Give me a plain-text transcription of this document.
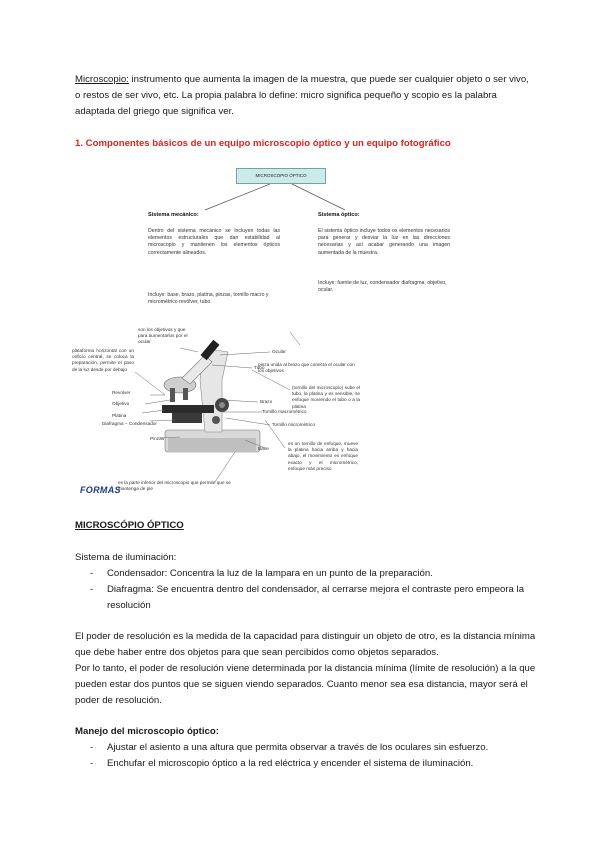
Microscopio: instrumento que aumenta la imagen de la muestra, que puede ser cualquier objeto o ser vivo, o restos de ser vivo, etc. La propia palabra lo define: micro significa pequeño y scopio es la palabra adaptada del griego que significa ver.

1. Componentes básicos de un equipo microscopio óptico y un equipo fotográfico

MICROSCOPIO ÓPTICO
Sistema mecánico:
Dentro del sistema mecánico se incluyen todas las elementos estructurales que dan estabilidad al microscopio y mantienen los elementos ópticos correctamente alineados.
Incluye: base, brazo, platina, pinzas, tornillo macro y micrométrico revólver, tubo.
Sistema óptico:
El sistema óptico incluye todos os elementos necesarios para generar y desviar la luz en las direcciones necesarias y así acabar generando una imagen aumentada de la muestra.
Incluye: fuente de luz, condensador diafragma, objetivo, ocular.
son los objetivos y que para aumentarlos por el ocular
plataforma horizontal con un orificio central, se coloca la preparación, permite el paso de la luz desde por debajo
pieza unida al brazo que conecta el ocular con los objetivos
(tornillo del microscopio) sube el tubo, la platina y es sensible, se enfoque moviendo el tubo o a la platina
es un tornillo de enfoque, mueve la platina hacia arriba y hacia abajo, el movimiento es enfoque exacto y el micrométrico, enfoque más preciso
es la parte inferior del microscopio que permite que se mantenga de pie
Ocular
Tubo
Revolver
Objetivo
Platina
Diafragma – Condensador
Brazo
Tornillo macrométrico
Tornillo micrométrico
Pinzas
Base
FORMAS

MICROSCÓPIO ÓPTICO

Sistema de iluminación:

- Condensador: Concentra la luz de la lampara en un punto de la preparación.
- Diafragma: Se encuentra dentro del condensador, al cerrarse mejora el contraste pero empeora la resolución

El poder de resolución es la medida de la capacidad para distinguir un objeto de otro, es la distancia mínima que debe haber entre dos objetos para que sean percibidos como objetos separados.

Por lo tanto, el poder de resolución viene determinada por la distancia mínima (límite de resolución) a la que pueden estar dos puntos que se siguen viendo separados. Cuanto menor sea esa distancia, mayor será el poder de resolución.

Manejo del microscopio óptico:

- Ajustar el asiento a una altura que permita observar a través de los oculares sin esfuerzo.
- Enchufar el microscopio óptico a la red eléctrica y encender el sistema de iluminación.
